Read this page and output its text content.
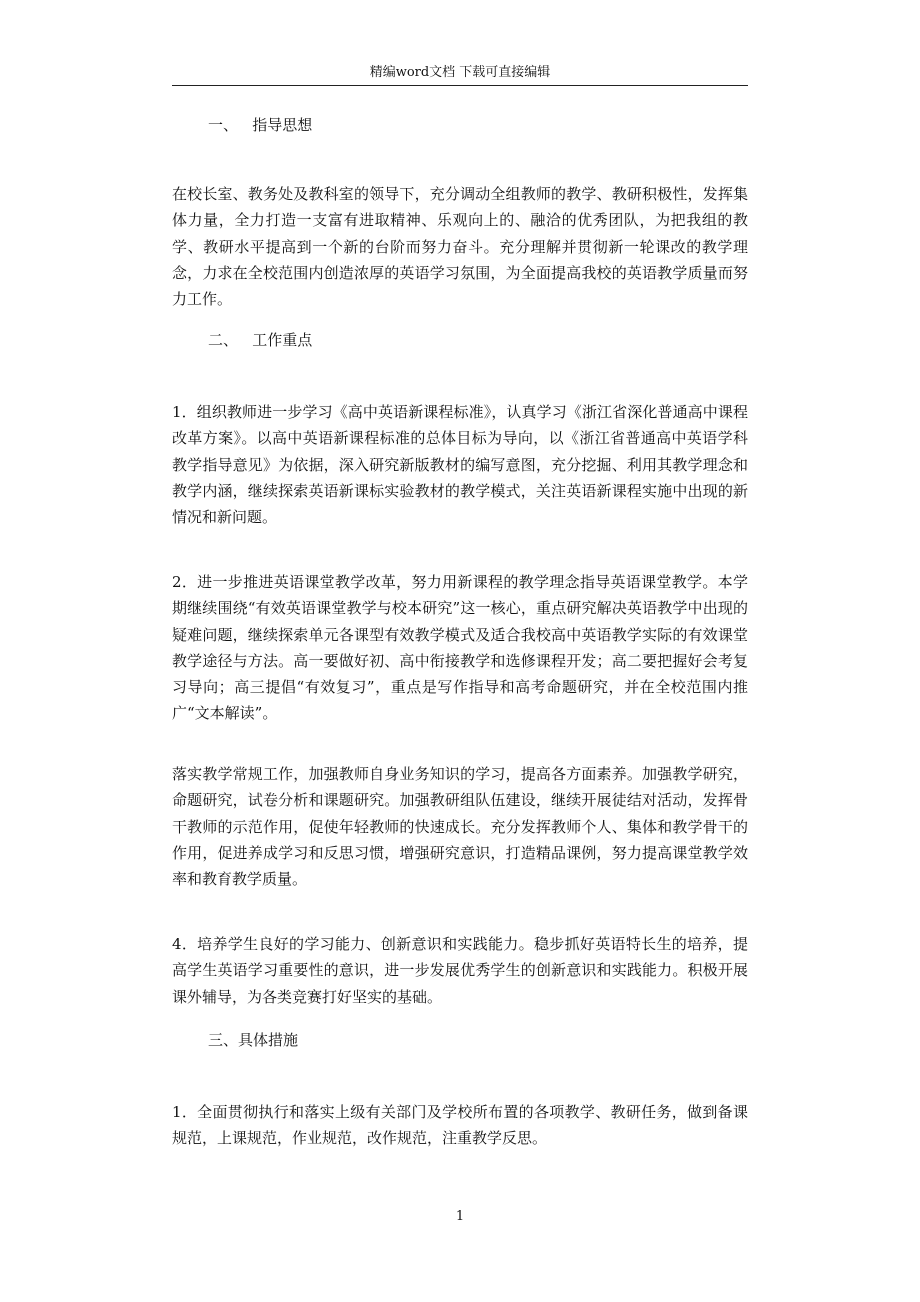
精编word文档 下载可直接编辑
一、   指导思想
在校长室、教务处及教科室的领导下，充分调动全组教师的教学、教研积极性，发挥集体力量，全力打造一支富有进取精神、乐观向上的、融洽的优秀团队，为把我组的教学、教研水平提高到一个新的台阶而努力奋斗。充分理解并贯彻新一轮课改的教学理念，力求在全校范围内创造浓厚的英语学习氛围，为全面提高我校的英语教学质量而努力工作。
二、   工作重点
1．组织教师进一步学习《高中英语新课程标准》，认真学习《浙江省深化普通高中课程改革方案》。以高中英语新课程标准的总体目标为导向，以《浙江省普通高中英语学科教学指导意见》为依据，深入研究新版教材的编写意图，充分挖掘、利用其教学理念和教学内涵，继续探索英语新课标实验教材的教学模式，关注英语新课程实施中出现的新情况和新问题。
2．进一步推进英语课堂教学改革，努力用新课程的教学理念指导英语课堂教学。本学期继续围绕“有效英语课堂教学与校本研究”这一核心，重点研究解决英语教学中出现的疑难问题，继续探索单元各课型有效教学模式及适合我校高中英语教学实际的有效课堂教学途径与方法。高一要做好初、高中衔接教学和选修课程开发；高二要把握好会考复习导向；高三提倡“有效复习”，重点是写作指导和高考命题研究，并在全校范围内推广“文本解读”。
落实教学常规工作，加强教师自身业务知识的学习，提高各方面素养。加强教学研究，命题研究，试卷分析和课题研究。加强教研组队伍建设，继续开展徒结对活动，发挥骨干教师的示范作用，促使年轻教师的快速成长。充分发挥教师个人、集体和教学骨干的作用，促进养成学习和反思习惯，增强研究意识，打造精品课例，努力提高课堂教学效率和教育教学质量。
4．培养学生良好的学习能力、创新意识和实践能力。稳步抓好英语特长生的培养，提高学生英语学习重要性的意识，进一步发展优秀学生的创新意识和实践能力。积极开展课外辅导，为各类竞赛打好坚实的基础。
三、具体措施
1．全面贯彻执行和落实上级有关部门及学校所布置的各项教学、教研任务，做到备课规范，上课规范，作业规范，改作规范，注重教学反思。
1
